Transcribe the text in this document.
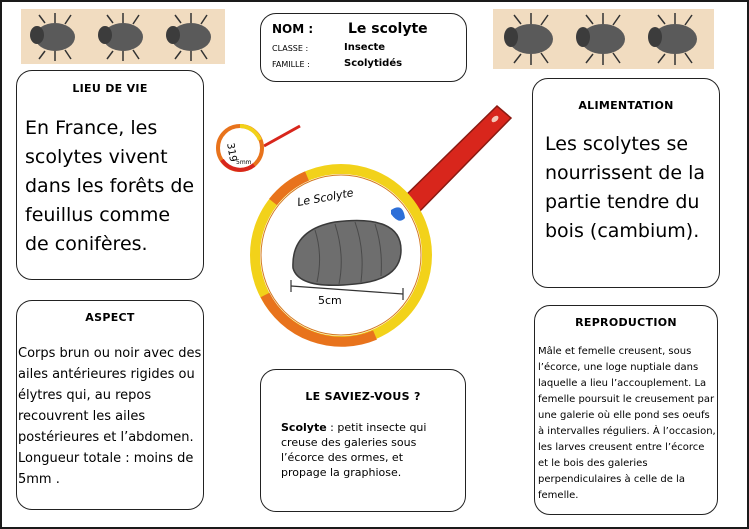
NOM : Le scolyte
CLASSE :	Insecte
FAMILLE :	Scolytidés
LIEU DE VIE
En France, les scolytes vivent dans les forêts de feuillus comme de conifères.
ALIMENTATION
Les scolytes se nourrissent de la partie tendre du bois (cambium).
ASPECT
Corps brun ou noir avec des ailes antérieures rigides ou élytres qui, au repos recouvrent les ailes postérieures et l’abdomen. Longueur totale : moins de 5mm .
LE SAVIEZ-VOUS ?
Scolyte : petit insecte qui creuse des galeries sous l’écorce des ormes, et propage la graphiose.
REPRODUCTION
Mâle et femelle creusent, sous l’écorce, une loge nuptiale dans laquelle a lieu l’accouplement. La femelle poursuit le creusement par une galerie où elle pond ses oeufs à intervalles réguliers. À l’occasion, les larves creusent entre l’écorce et le bois des galeries perpendiculaires à celle de la femelle.
Le Scolyte
5cm
319
5mm
